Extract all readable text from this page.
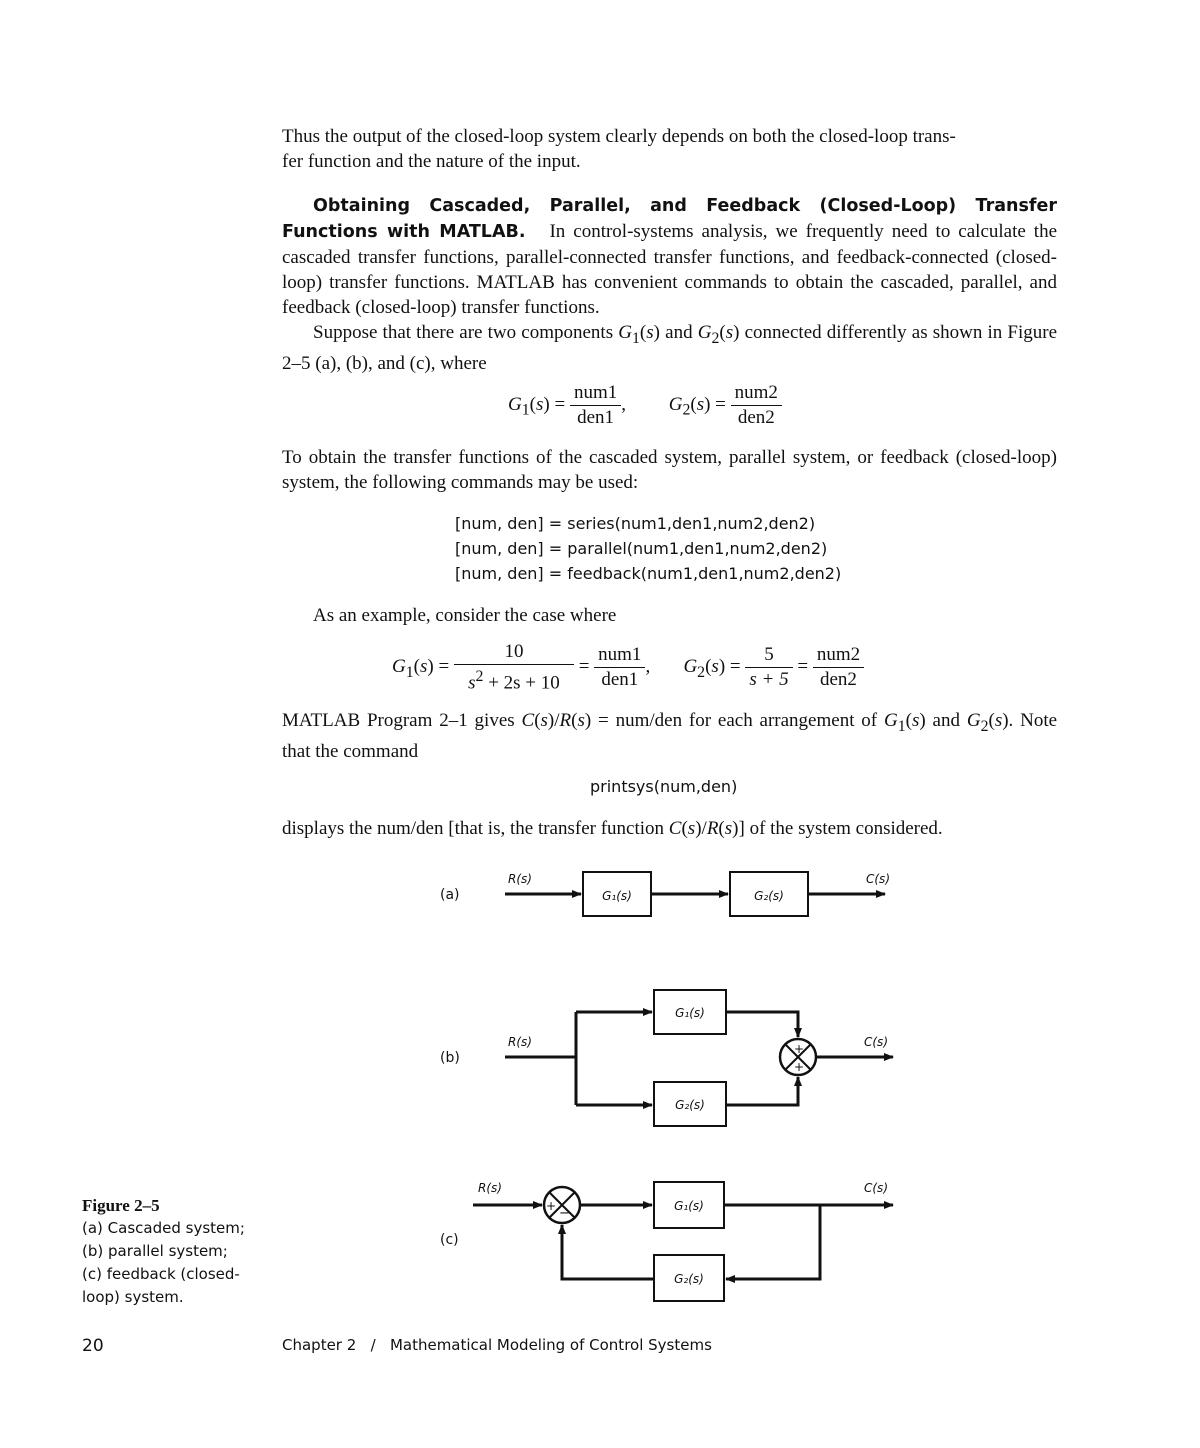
Thus the output of the closed-loop system clearly depends on both the closed-loop trans-

fer function and the nature of the input.

Obtaining Cascaded, Parallel, and Feedback (Closed-Loop) Transfer Functions with MATLAB. In control-systems analysis, we frequently need to calculate the cascaded transfer functions, parallel-connected transfer functions, and feedback-connected (closed-loop) transfer functions. MATLAB has convenient commands to obtain the cascaded, parallel, and feedback (closed-loop) transfer functions.

Suppose that there are two components $G_1(s)$ and $G_2(s)$ connected differently as shown in Figure 2–5 (a), (b), and (c), where

$G_1(s) = \frac{\text{num1}}{\text{den1}}$ ,         $G_2(s) = \frac{\text{num2}}{\text{den2}}$

To obtain the transfer functions of the cascaded system, parallel system, or feedback (closed-loop) system, the following commands may be used:

[num, den] = series(num1,den1,num2,den2)
[num, den] = parallel(num1,den1,num2,den2)
[num, den] = feedback(num1,den1,num2,den2)

As an example, consider the case where

$G_1(s) = \frac{10}{s^2 + 2s + 10} = \frac{\text{num1}}{\text{den1}}$ ,       $G_2(s) = \frac{5}{s + 5} = \frac{\text{num2}}{\text{den2}}$

MATLAB Program 2–1 gives C(s)/R(s) = num/den for each arrangement of $G_1(s)$ and $G_2(s)$. Note that the command

printsys(num,den)

displays the num/den [that is, the transfer function C(s)/R(s)] of the system considered.

(a)
R(s)	C(s)
G₁(s)	G₂(s)
(b)
R(s)	C(s)
G₁(s)
G₂(s)
+
+
(c)
R(s)	C(s)
G₁(s)
G₂(s)
+ −
Figure 2–5
(a) Cascaded system;
(b) parallel system;
(c) feedback (closed-
loop) system.
20	Chapter 2   /   Mathematical Modeling of Control Systems
